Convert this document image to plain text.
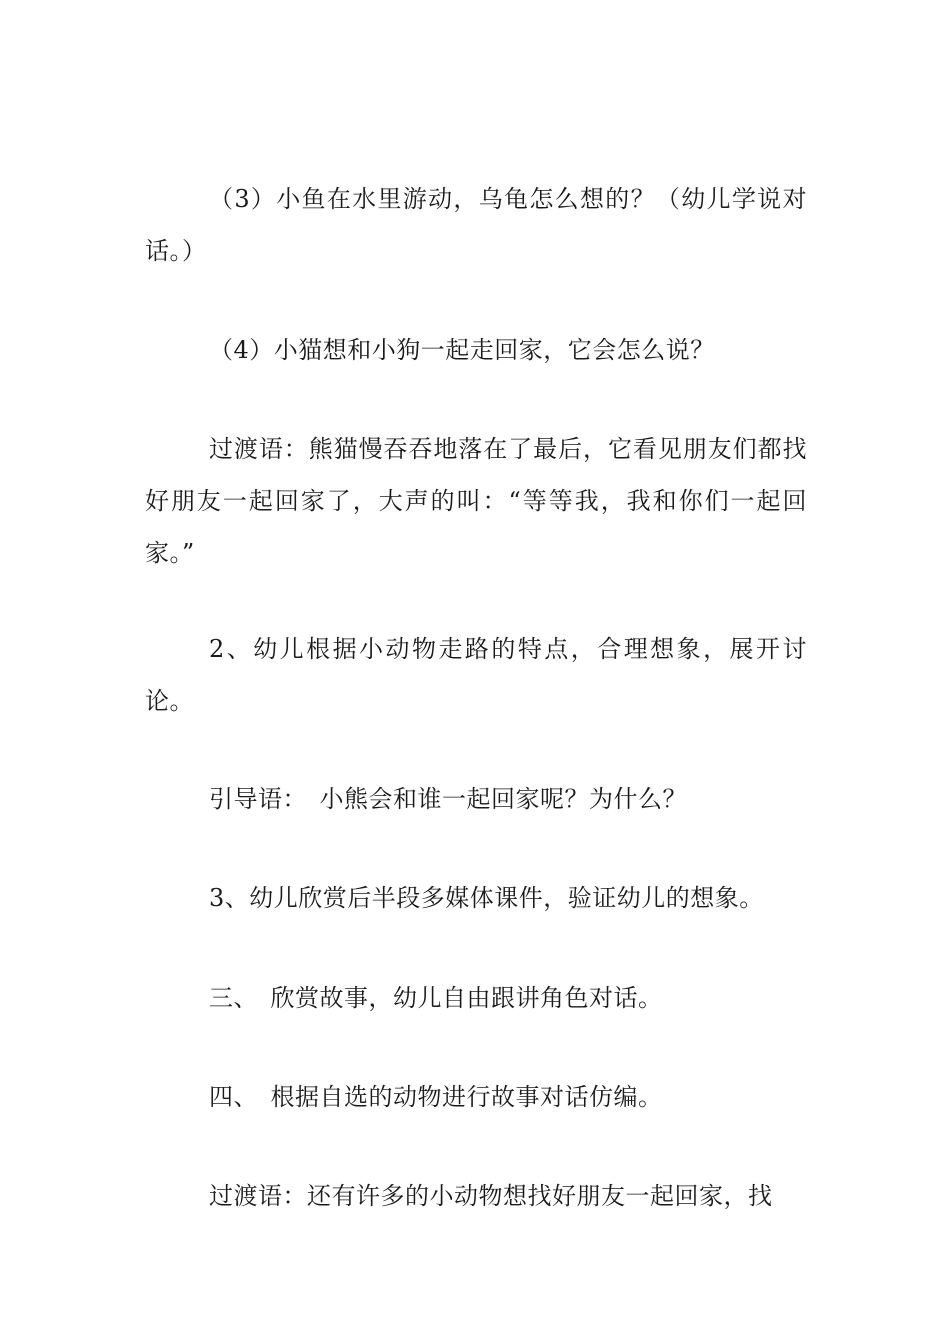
（3）小鱼在水里游动，乌龟怎么想的？（幼儿学说对话。）

（4）小猫想和小狗一起走回家，它会怎么说？

过渡语：熊猫慢吞吞地落在了最后，它看见朋友们都找好朋友一起回家了，大声的叫：“等等我，我和你们一起回家。”

2、幼儿根据小动物走路的特点，合理想象，展开讨论。

引导语：　小熊会和谁一起回家呢？为什么？

3、幼儿欣赏后半段多媒体课件，验证幼儿的想象。

三、　欣赏故事，幼儿自由跟讲角色对话。

四、　根据自选的动物进行故事对话仿编。

过渡语：还有许多的小动物想找好朋友一起回家，找
